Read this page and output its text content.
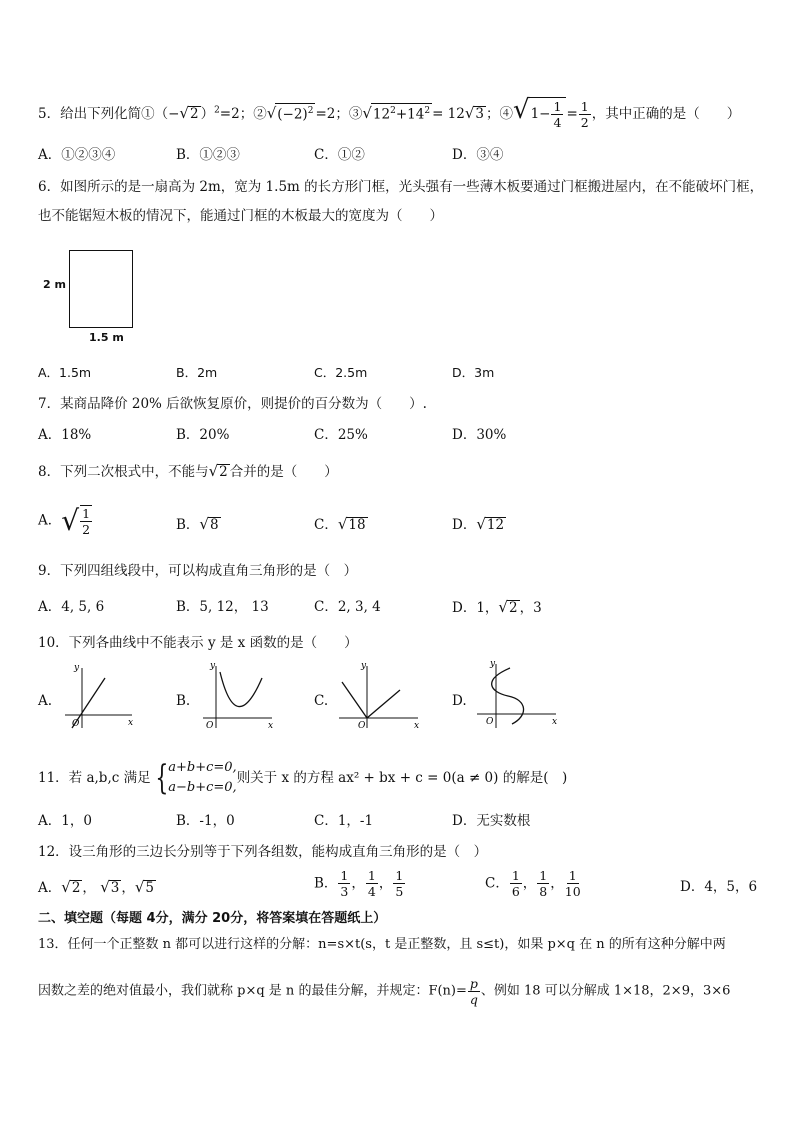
5．给出下列化简①（−√2 ）$^2$=2；$②√(-2)^2 =2$；$③√12^2+14^2 = 12√3$ ；④√1− $\frac{1}{4} = \frac{1}{2}$ ，其中正确的是（　　）
A．①②③④	B．①②③	C．①②	D．③④
6．如图所示的是一扇高为 2m，宽为 1.5m 的长方形门框，光头强有一些薄木板要通过门框搬进屋内，在不能破坏门框，
也不能锯短木板的情况下，能通过门框的木板最大的宽度为（　　）
2 m
1.5 m
A．1.5m	B．2m	C．2.5m	D．3m
7．某商品降价 20% 后欲恢复原价，则提价的百分数为（　　）.
A．18%	B．20%	C．25%	D．30%
8．下列二次根式中，不能与√2 合并的是（　　）
A．√ $\frac{1}{2}$	B．√8	C．√18	D．√12
9．下列四组线段中，可以构成直角三角形的是（　）
A．4, 5, 6	B．5, 12， 13	C．2, 3, 4	D．1，√2 ，3
10．下列各曲线中不能表示 y 是 x 函数的是（　　）
A.
x
y
O
B.
x
y
O
C.
x
y
O
D.
x
y
O
11．若 a,b,c 满足 { a+b+c=0,
a−b+c=0,
则关于 x 的方程 ax² + bx + c = 0(a ≠ 0) 的解是(　)
A．1，0	B．-1，0	C．1，-1	D．无实数根
12．设三角形的三边长分别等于下列各组数，能构成直角三角形的是（　）
A．√2 ， √3 ，√5	B． $\frac{1}{3}$ ， $\frac{1}{4}$ ， $\frac{1}{5}$	C． $\frac{1}{6}$ ， $\frac{1}{8}$ ， $\frac{1}{10}$	D．4，5，6
二、填空题（每题 4分，满分 20分，将答案填在答题纸上）
13．任何一个正整数 n 都可以进行这样的分解：n=s×t(s，t 是正整数，且 s≤t)，如果 p×q 在 n 的所有这种分解中两
因数之差的绝对值最小，我们就称 p×q 是 n 的最佳分解，并规定：$F(n)= \frac{p}{q}$ 、例如 18 可以分解成 1×18，2×9，3×6
